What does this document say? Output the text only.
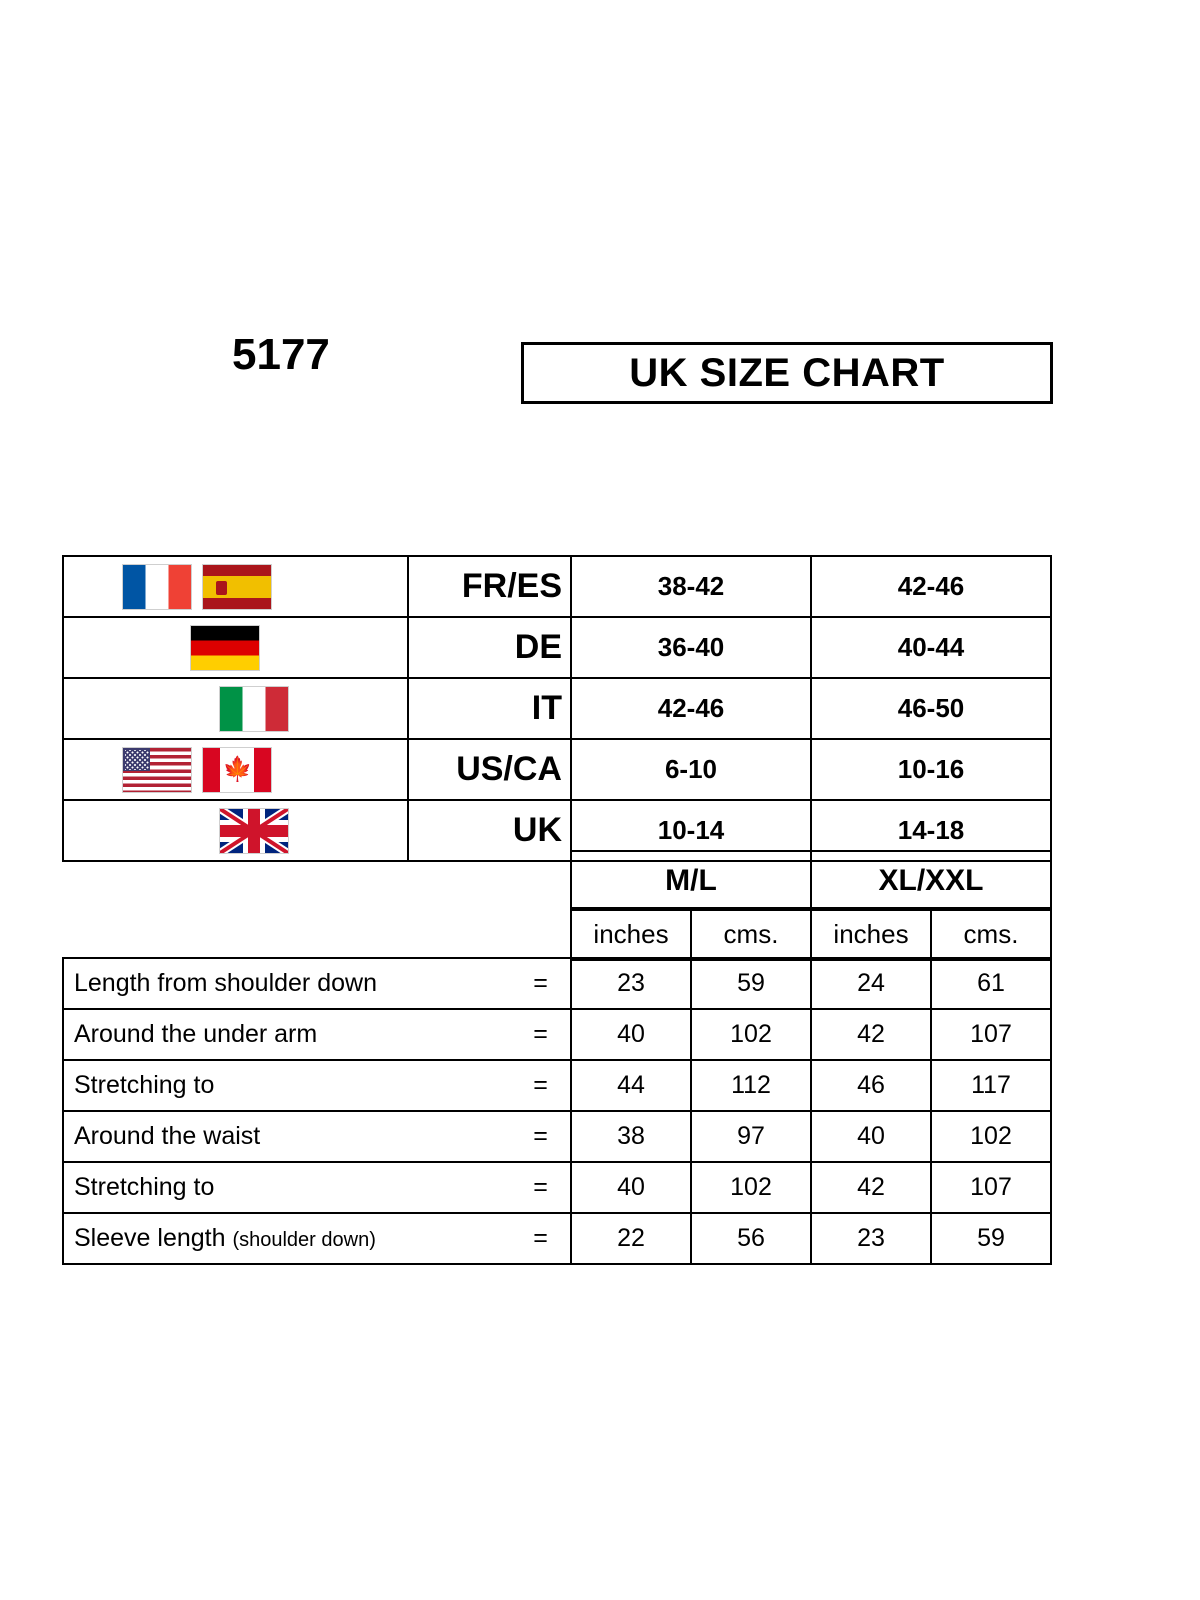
5177	UK SIZE CHART
	FR/ES	38-42	42-46
	DE	36-40	40-44
	IT	42-46	46-50
🍁	US/CA	6-10	10-16

	UK	10-14	14-18
M/L	XL/XXL
inches	cms.	inches	cms.
Length from shoulder down	=	23	59	24	61
Around the under arm	=	40	102	42	107
Stretching to	=	44	112	46	117
Around the waist	=	38	97	40	102
Stretching to	=	40	102	42	107
Sleeve length (shoulder down)	=	22	56	23	59
